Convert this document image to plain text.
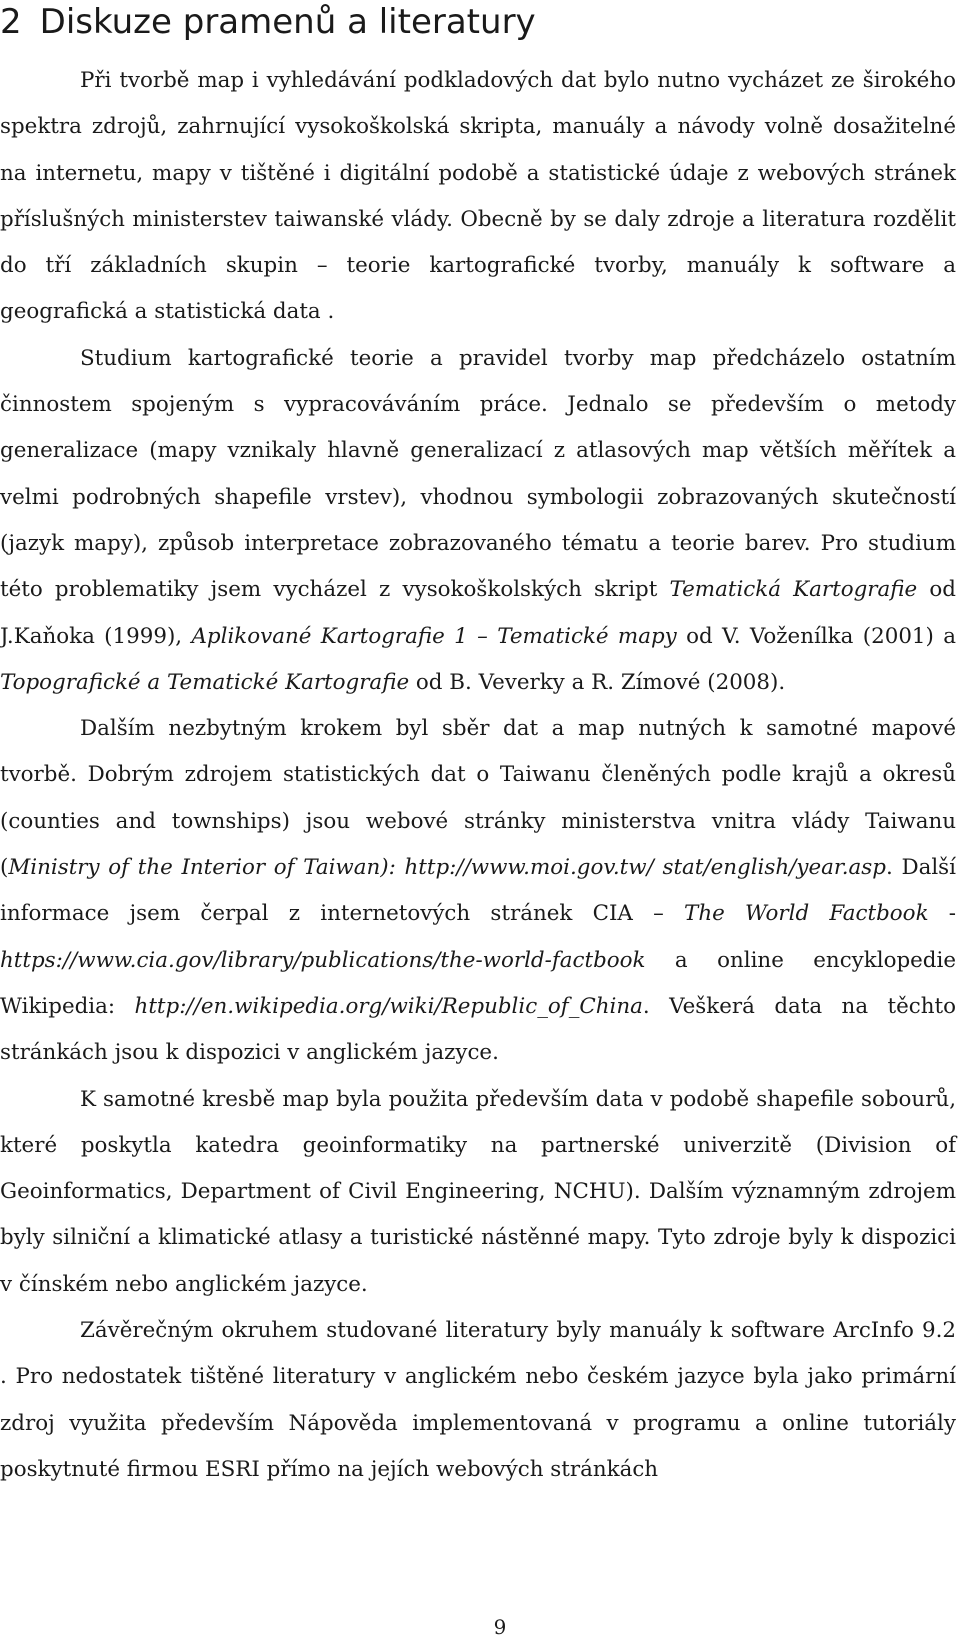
2 Diskuze pramenů a literatury

Při tvorbě map i vyhledávání podkladových dat bylo nutno vycházet ze širokého spektra zdrojů, zahrnující vysokoškolská skripta, manuály a návody volně dosažitelné na internetu, mapy v tištěné i digitální podobě a statistické údaje z webových stránek příslušných ministerstev taiwanské vlády. Obecně by se daly zdroje a literatura rozdělit do tří základních skupin – teorie kartografické tvorby, manuály k software a geografická a statistická data .

Studium kartografické teorie a pravidel tvorby map předcházelo ostatním činnostem spojeným s vypracováváním práce. Jednalo se především o metody generalizace (mapy vznikaly hlavně generalizací z atlasových map větších měřítek a velmi podrobných shapefile vrstev), vhodnou symbologii zobrazovaných skutečností (jazyk mapy), způsob interpretace zobrazovaného tématu a teorie barev. Pro studium této problematiky jsem vycházel z vysokoškolských skript Tematická Kartografie od J.Kaňoka (1999), Aplikované Kartografie 1 – Tematické mapy od V. Voženílka (2001) a Topografické a Tematické Kartografie od B. Veverky a R. Zímové (2008).

Dalším nezbytným krokem byl sběr dat a map nutných k samotné mapové tvorbě. Dobrým zdrojem statistických dat o Taiwanu členěných podle krajů a okresů (counties and townships) jsou webové stránky ministerstva vnitra vlády Taiwanu (Ministry of the Interior of Taiwan): http://www.moi.gov.tw/ stat/english/year.asp. Další informace jsem čerpal z internetových stránek CIA – The World Factbook - https://www.cia.gov/library/publications/the-world-factbook a online encyklopedie Wikipedia: http://en.wikipedia.org/wiki/Republic_of_China. Veškerá data na těchto stránkách jsou k dispozici v anglickém jazyce.

K samotné kresbě map byla použita především data v podobě shapefile sobourů, které poskytla katedra geoinformatiky na partnerské univerzitě (Division of Geoinformatics, Department of Civil Engineering, NCHU). Dalším významným zdrojem byly silniční a klimatické atlasy a turistické nástěnné mapy. Tyto zdroje byly k dispozici v čínském nebo anglickém jazyce.

Závěrečným okruhem studované literatury byly manuály k software ArcInfo 9.2 . Pro nedostatek tištěné literatury v anglickém nebo českém jazyce byla jako primární zdroj využita především Nápověda implementovaná v programu a online tutoriály poskytnuté firmou ESRI přímo na jejích webových stránkách

9
